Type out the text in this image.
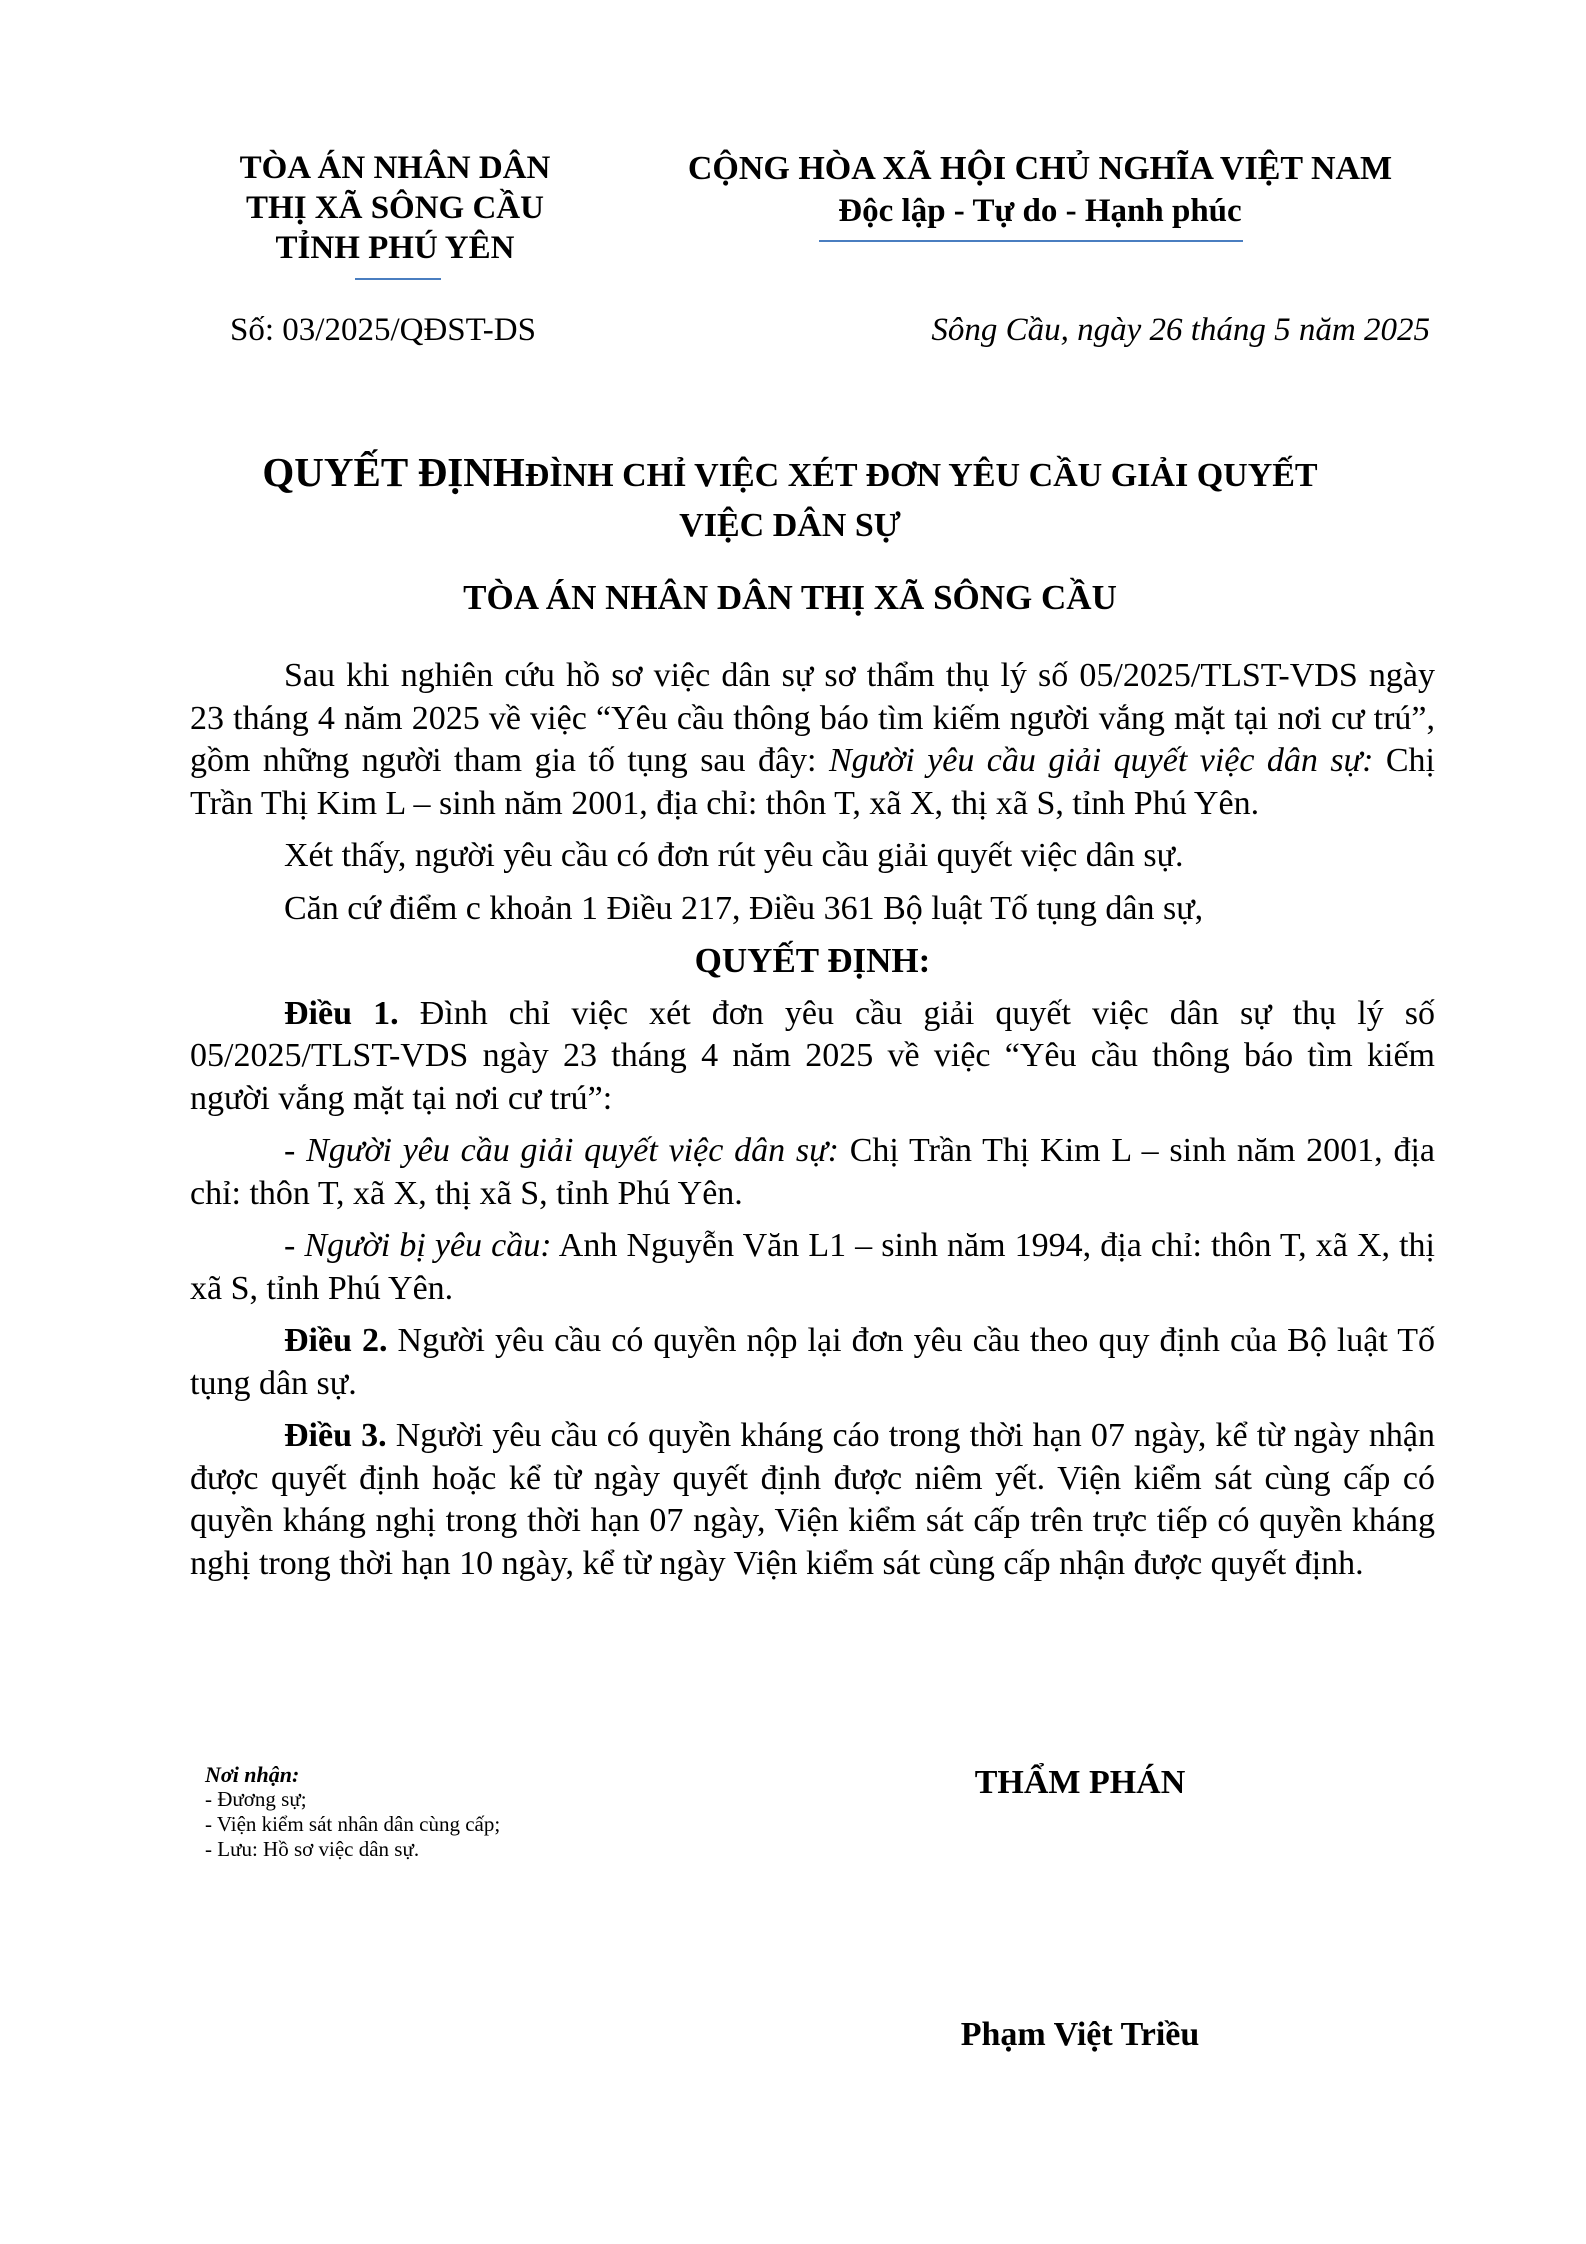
TÒA ÁN NHÂN DÂN
THỊ XÃ SÔNG CẦU
TỈNH PHÚ YÊN
CỘNG HÒA XÃ HỘI CHỦ NGHĨA VIỆT NAM
Độc lập - Tự do - Hạnh phúc
Số: 03/2025/QĐST-DS	Sông Cầu, ngày 26 tháng 5 năm 2025
QUYẾT ĐỊNHĐÌNH CHỈ VIỆC XÉT ĐƠN YÊU CẦU GIẢI QUYẾT
VIỆC DÂN SỰ
TÒA ÁN NHÂN DÂN THỊ XÃ SÔNG CẦU

Sau khi nghiên cứu hồ sơ việc dân sự sơ thẩm thụ lý số 05/2025/TLST-VDS ngày 23 tháng 4 năm 2025 về việc “Yêu cầu thông báo tìm kiếm người vắng mặt tại nơi cư trú”, gồm những người tham gia tố tụng sau đây: Người yêu cầu giải quyết việc dân sự: Chị Trần Thị Kim L – sinh năm 2001, địa chỉ: thôn T, xã X, thị xã S, tỉnh Phú Yên.

Xét thấy, người yêu cầu có đơn rút yêu cầu giải quyết việc dân sự.

Căn cứ điểm c khoản 1 Điều 217, Điều 361 Bộ luật Tố tụng dân sự,

QUYẾT ĐỊNH:

Điều 1. Đình chỉ việc xét đơn yêu cầu giải quyết việc dân sự thụ lý số 05/2025/TLST-VDS ngày 23 tháng 4 năm 2025 về việc “Yêu cầu thông báo tìm kiếm người vắng mặt tại nơi cư trú”:

- Người yêu cầu giải quyết việc dân sự: Chị Trần Thị Kim L – sinh năm 2001, địa chỉ: thôn T, xã X, thị xã S, tỉnh Phú Yên.

- Người bị yêu cầu: Anh Nguyễn Văn L1 – sinh năm 1994, địa chỉ: thôn T, xã X, thị xã S, tỉnh Phú Yên.

Điều 2. Người yêu cầu có quyền nộp lại đơn yêu cầu theo quy định của Bộ luật Tố tụng dân sự.

Điều 3. Người yêu cầu có quyền kháng cáo trong thời hạn 07 ngày, kể từ ngày nhận được quyết định hoặc kể từ ngày quyết định được niêm yết. Viện kiểm sát cùng cấp có quyền kháng nghị trong thời hạn 07 ngày, Viện kiểm sát cấp trên trực tiếp có quyền kháng nghị trong thời hạn 10 ngày, kể từ ngày Viện kiểm sát cùng cấp nhận được quyết định.

Nơi nhận:
- Đương sự;
- Viện kiểm sát nhân dân cùng cấp;
- Lưu: Hồ sơ việc dân sự.
THẨM PHÁN
Phạm Việt Triều
